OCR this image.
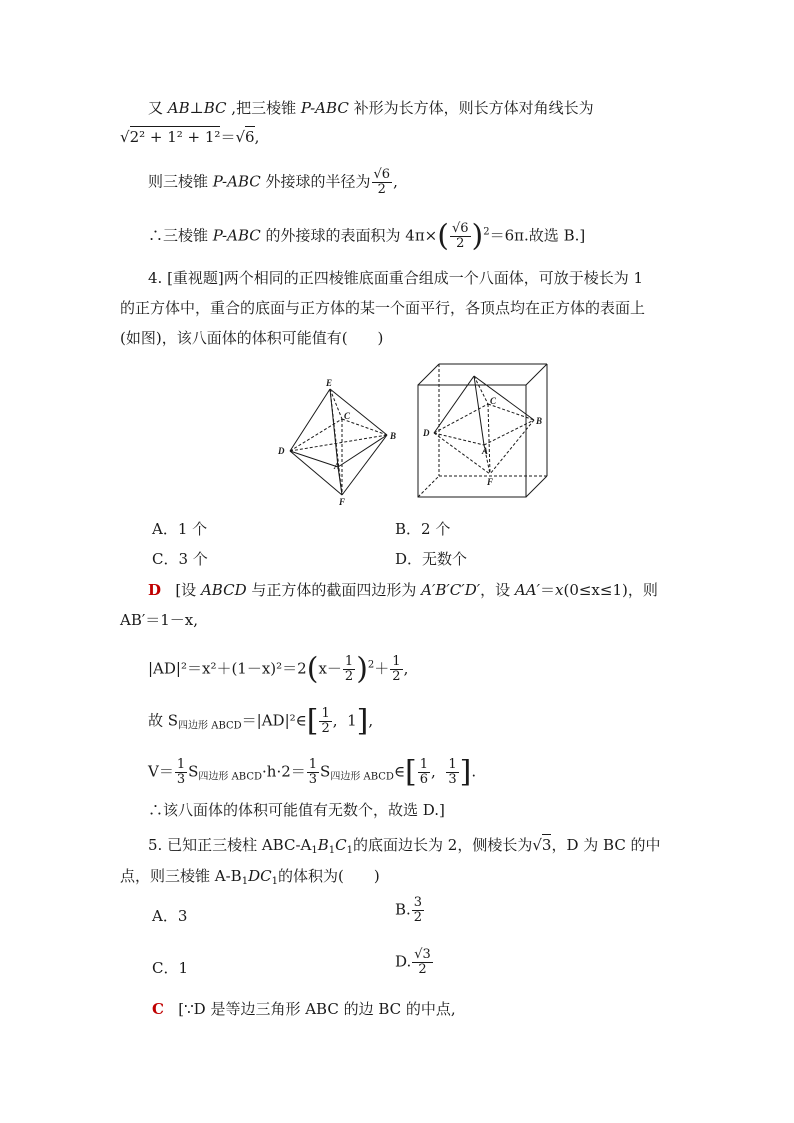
又 AB⊥BC ,把三棱锥 P-ABC 补形为长方体，则长方体对角线长为
√2² + 1² + 1²＝√6,
则三棱锥 P-ABC 外接球的半径为 $\frac{√6}{2}$ ,
∴三棱锥 P-ABC 的外接球的表面积为 $4\pi\times( \frac{√6}{2} )^2=6\pi$.故选 B.]
4. [重视题]两个相同的正四棱锥底面重合组成一个八面体，可放于棱长为 1
的正方体中，重合的底面与正方体的某一个面平行，各顶点均在正方体的表面上
(如图)，该八面体的体积可能值有(　　)
E
C
B
D
A
F
C
B
D
A
F
A．1 个	B．2 个
C．3 个	D．无数个
D [设 ABCD 与正方体的截面四边形为 A′B′C′D′，设 AA′＝x(0≤x≤1)，则
AB′＝1－x,
$|AD|^2=x^2+(1-x)^2=2(x- \frac{1}{2} )^2+ \frac{1}{2}$ ,
故 $S_{四边形 ABCD}=|AD|^2\in[ \frac{1}{2}$ ,  1],
$V= \frac{1}{3} S_{四边形 ABCD}\cdot h\cdot 2= \frac{1}{3}$ $S_{四边形 ABCD}\in[ \frac{1}{6}$ , $\frac{1}{3}$ ].
∴该八面体的体积可能值有无数个，故选 D.]
5. 已知正三棱柱 ABC-$A_1B_1C_1$的底面边长为 2，侧棱长为√3，D 为 BC 的中
点，则三棱锥 $A-B_1DC_1$的体积为(　　)
A．3	B. $\frac{3}{2}$
C．1	D. $\frac{√3}{2}$
C [∵D 是等边三角形 ABC 的边 BC 的中点,
